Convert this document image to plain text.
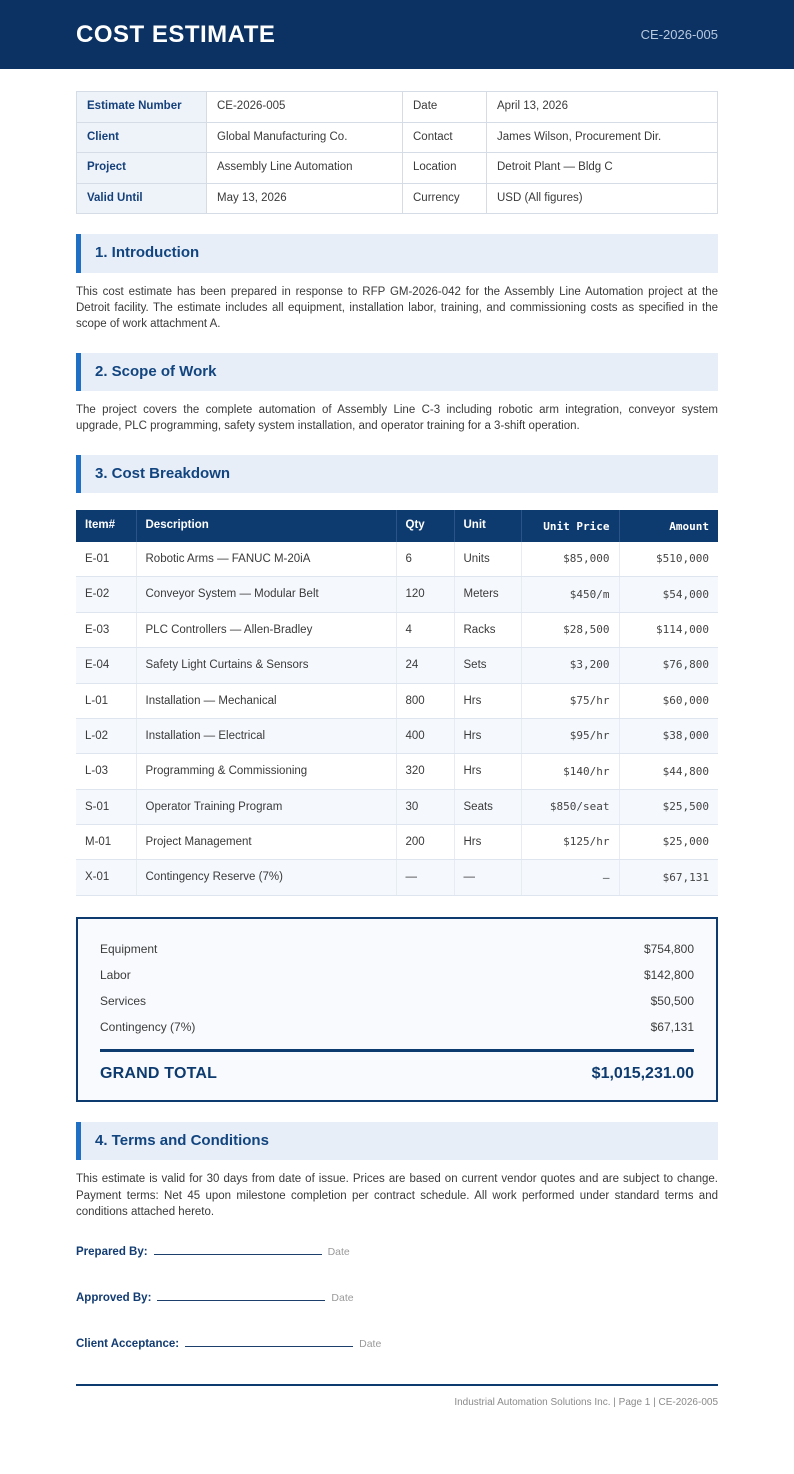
COST ESTIMATE	CE-2026-005
Estimate Number	CE-2026-005	Date	April 13, 2026
Client	Global Manufacturing Co.	Contact	James Wilson, Procurement Dir.
Project	Assembly Line Automation	Location	Detroit Plant — Bldg C
Valid Until	May 13, 2026	Currency	USD (All figures)
1. Introduction

This cost estimate has been prepared in response to RFP GM-2026-042 for the Assembly Line Automation project at the Detroit facility. The estimate includes all equipment, installation labor, training, and commissioning costs as specified in the scope of work attachment A.

2. Scope of Work

The project covers the complete automation of Assembly Line C-3 including robotic arm integration, conveyor system upgrade, PLC programming, safety system installation, and operator training for a 3-shift operation.

3. Cost Breakdown
Item#	Description	Qty	Unit	Unit Price	Amount
E-01	Robotic Arms — FANUC M-20iA	6	Units	$85,000	$510,000
E-02	Conveyor System — Modular Belt	120	Meters	$450/m	$54,000
E-03	PLC Controllers — Allen-Bradley	4	Racks	$28,500	$114,000
E-04	Safety Light Curtains & Sensors	24	Sets	$3,200	$76,800
L-01	Installation — Mechanical	800	Hrs	$75/hr	$60,000
L-02	Installation — Electrical	400	Hrs	$95/hr	$38,000
L-03	Programming & Commissioning	320	Hrs	$140/hr	$44,800
S-01	Operator Training Program	30	Seats	$850/seat	$25,500
M-01	Project Management	200	Hrs	$125/hr	$25,000
X-01	Contingency Reserve (7%)	—	—	–	$67,131
Equipment	$754,800
Labor	$142,800
Services	$50,500
Contingency (7%)	$67,131
GRAND TOTAL	$1,015,231.00
4. Terms and Conditions

This estimate is valid for 30 days from date of issue. Prices are based on current vendor quotes and are subject to change. Payment terms: Net 45 upon milestone completion per contract schedule. All work performed under standard terms and conditions attached hereto.

Prepared By:	Date
Approved By:	Date
Client Acceptance:	Date
Industrial Automation Solutions Inc. | Page 1 | CE-2026-005
